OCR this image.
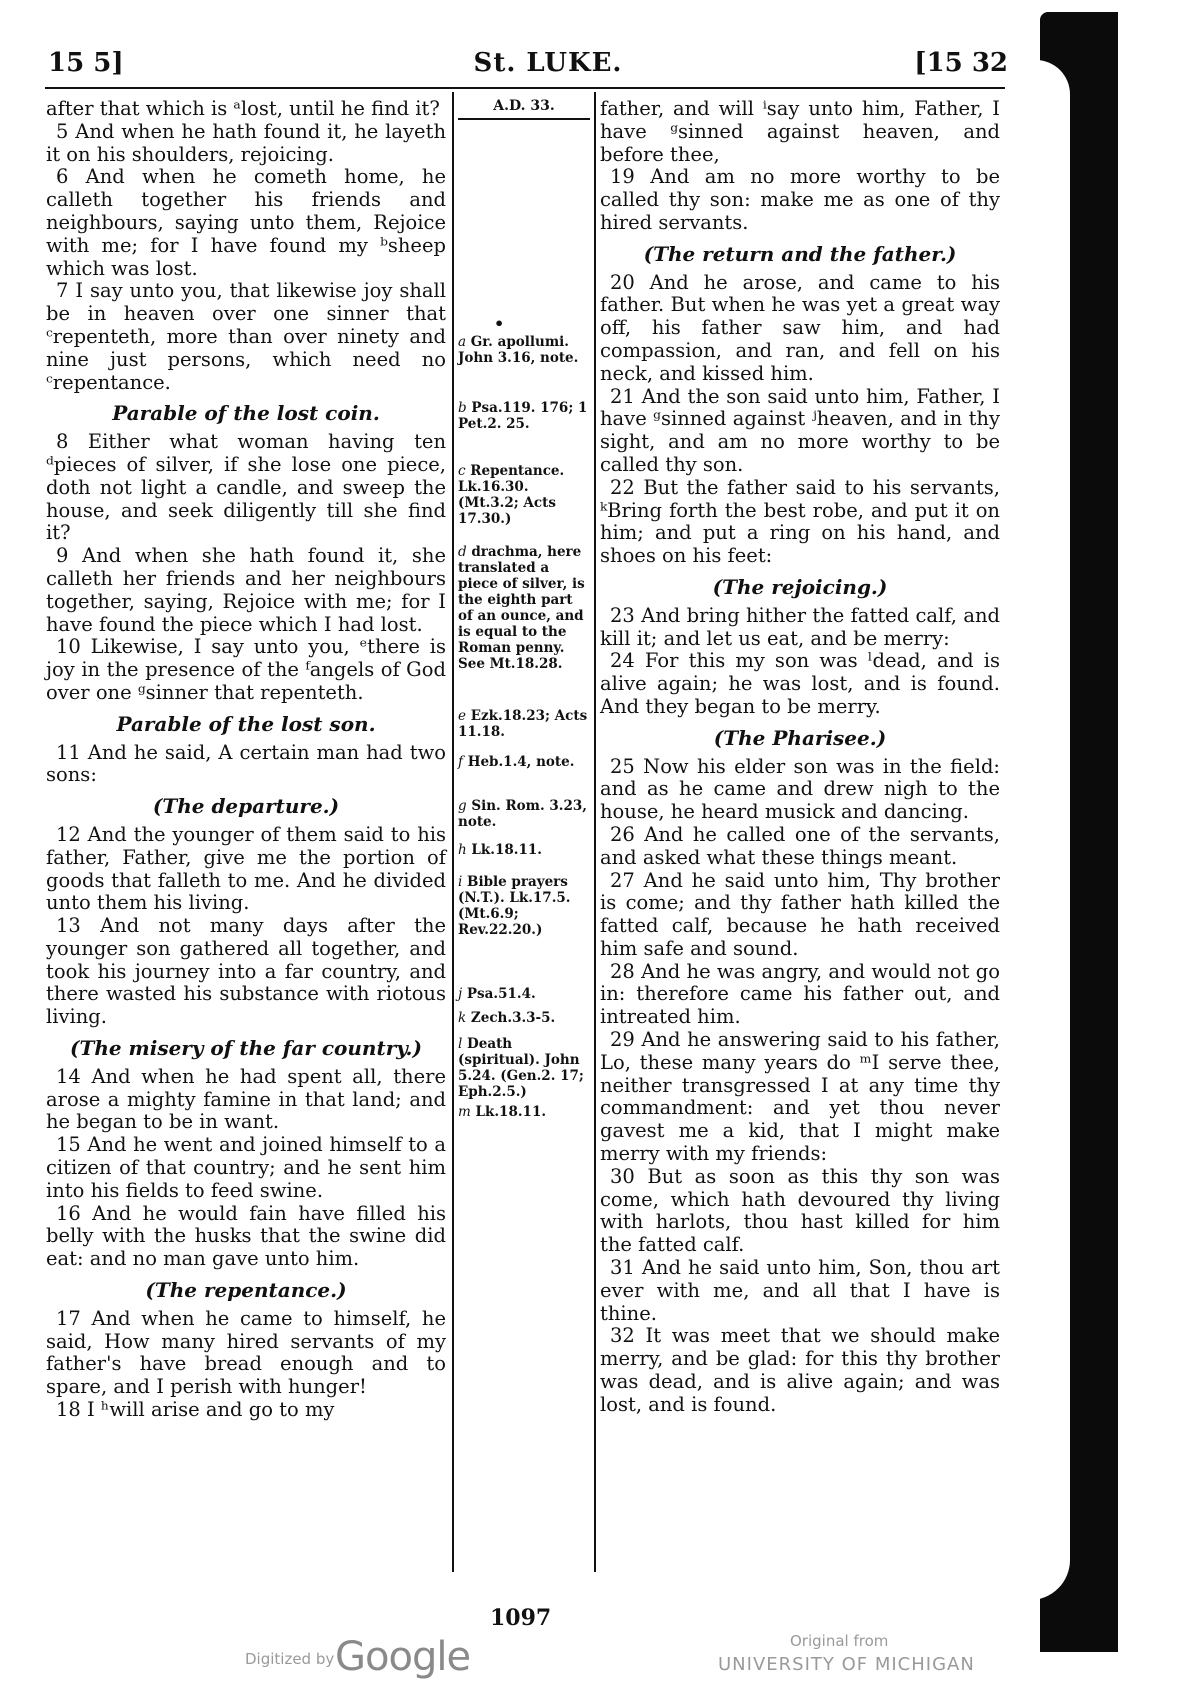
15 5]	St. LUKE.	[15 32

after that which is ᵃlost, until he find it?

5 And when he hath found it, he layeth it on his shoulders, rejoicing.

6 And when he cometh home, he calleth together his friends and neighbours, saying unto them, Rejoice with me; for I have found my ᵇsheep which was lost.

7 I say unto you, that likewise joy shall be in heaven over one sinner that ᶜrepenteth, more than over ninety and nine just persons, which need no ᶜrepentance.

Parable of the lost coin.

8 Either what woman having ten ᵈpieces of silver, if she lose one piece, doth not light a candle, and sweep the house, and seek diligently till she find it?

9 And when she hath found it, she calleth her friends and her neighbours together, saying, Rejoice with me; for I have found the piece which I had lost.

10 Likewise, I say unto you, ᵉthere is joy in the presence of the ᶠangels of God over one ᵍsinner that repenteth.

Parable of the lost son.

11 And he said, A certain man had two sons:

(The departure.)

12 And the younger of them said to his father, Father, give me the portion of goods that falleth to me. And he divided unto them his living.

13 And not many days after the younger son gathered all together, and took his journey into a far country, and there wasted his substance with riotous living.

(The misery of the far country.)

14 And when he had spent all, there arose a mighty famine in that land; and he began to be in want.

15 And he went and joined himself to a citizen of that country; and he sent him into his fields to feed swine.

16 And he would fain have filled his belly with the husks that the swine did eat: and no man gave unto him.

(The repentance.)

17 And when he came to himself, he said, How many hired servants of my father's have bread enough and to spare, and I perish with hunger!

18 I ʰwill arise and go to my

A.D. 33.
•
a Gr. apollumi. John 3.16, note.
b Psa.119. 176; 1 Pet.2. 25.
c Repentance. Lk.16.30. (Mt.3.2; Acts 17.30.)
d drachma, here translated a piece of silver, is the eighth part of an ounce, and is equal to the Roman penny. See Mt.18.28.
e Ezk.18.23; Acts 11.18.
f Heb.1.4, note.
g Sin. Rom. 3.23, note.
h Lk.18.11.
i Bible prayers (N.T.). Lk.17.5. (Mt.6.9; Rev.22.20.)
j Psa.51.4.
k Zech.3.3-5.
l Death (spiritual). John 5.24. (Gen.2. 17; Eph.2.5.)
m Lk.18.11.

father, and will ⁱsay unto him, Father, I have ᵍsinned against heaven, and before thee,

19 And am no more worthy to be called thy son: make me as one of thy hired servants.

(The return and the father.)

20 And he arose, and came to his father. But when he was yet a great way off, his father saw him, and had compassion, and ran, and fell on his neck, and kissed him.

21 And the son said unto him, Father, I have ᵍsinned against ʲheaven, and in thy sight, and am no more worthy to be called thy son.

22 But the father said to his servants, ᵏBring forth the best robe, and put it on him; and put a ring on his hand, and shoes on his feet:

(The rejoicing.)

23 And bring hither the fatted calf, and kill it; and let us eat, and be merry:

24 For this my son was ˡdead, and is alive again; he was lost, and is found. And they began to be merry.

(The Pharisee.)

25 Now his elder son was in the field: and as he came and drew nigh to the house, he heard musick and dancing.

26 And he called one of the servants, and asked what these things meant.

27 And he said unto him, Thy brother is come; and thy father hath killed the fatted calf, because he hath received him safe and sound.

28 And he was angry, and would not go in: therefore came his father out, and intreated him.

29 And he answering said to his father, Lo, these many years do ᵐI serve thee, neither transgressed I at any time thy commandment: and yet thou never gavest me a kid, that I might make merry with my friends:

30 But as soon as this thy son was come, which hath devoured thy living with harlots, thou hast killed for him the fatted calf.

31 And he said unto him, Son, thou art ever with me, and all that I have is thine.

32 It was meet that we should make merry, and be glad: for this thy brother was dead, and is alive again; and was lost, and is found.

1097
Digitized by Google	Original from
UNIVERSITY OF MICHIGAN
